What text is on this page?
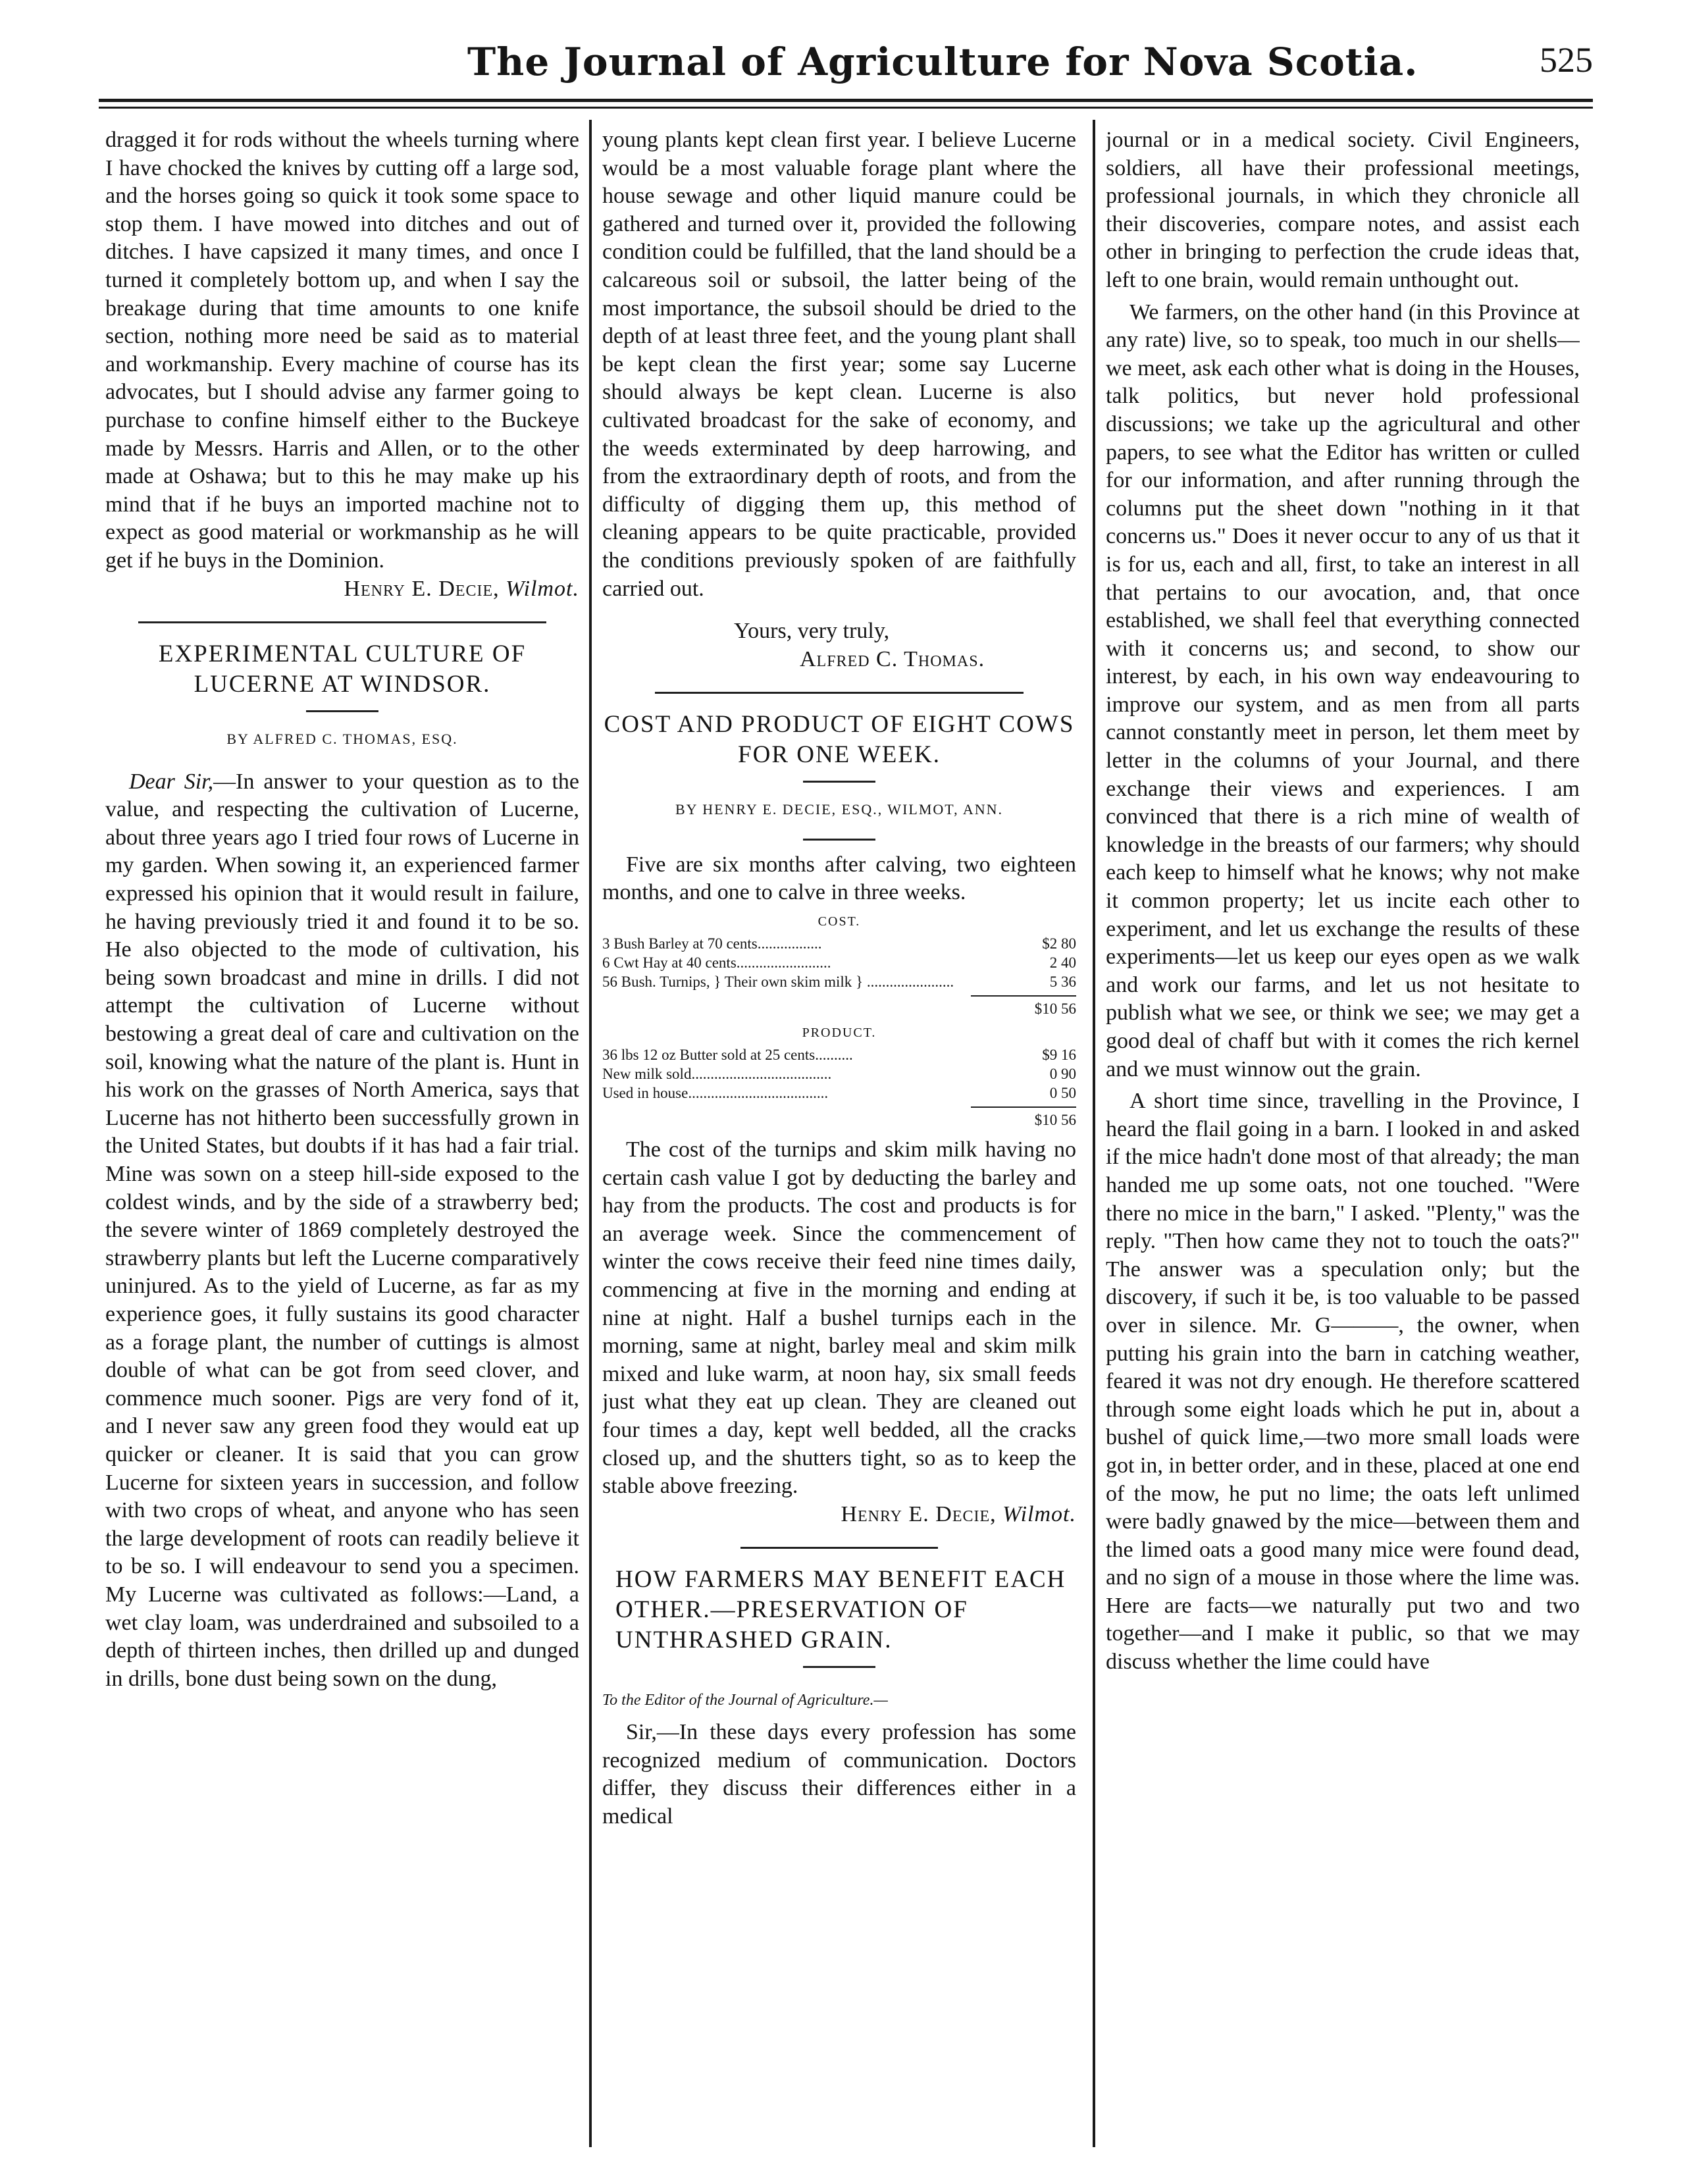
The Journal of Agriculture for Nova Scotia.	525

dragged it for rods without the wheels turning where I have chocked the knives by cutting off a large sod, and the horses going so quick it took some space to stop them. I have mowed into ditches and out of ditches. I have capsized it many times, and once I turned it completely bottom up, and when I say the breakage during that time amounts to one knife section, nothing more need be said as to material and workmanship. Every machine of course has its advocates, but I should advise any farmer going to purchase to confine himself either to the Buckeye made by Messrs. Harris and Allen, or to the other made at Oshawa; but to this he may make up his mind that if he buys an imported machine not to expect as good material or workmanship as he will get if he buys in the Dominion.

Henry E. Decie, Wilmot.

EXPERIMENTAL CULTURE OF LUCERNE AT WINDSOR.
BY ALFRED C. THOMAS, ESQ.

Dear Sir,—In answer to your question as to the value, and respecting the cultivation of Lucerne, about three years ago I tried four rows of Lucerne in my garden. When sowing it, an experienced farmer expressed his opinion that it would result in failure, he having previously tried it and found it to be so. He also objected to the mode of cultivation, his being sown broadcast and mine in drills. I did not attempt the cultivation of Lucerne without bestowing a great deal of care and cultivation on the soil, knowing what the nature of the plant is. Hunt in his work on the grasses of North America, says that Lucerne has not hitherto been successfully grown in the United States, but doubts if it has had a fair trial. Mine was sown on a steep hill-side exposed to the coldest winds, and by the side of a strawberry bed; the severe winter of 1869 completely destroyed the strawberry plants but left the Lucerne comparatively uninjured. As to the yield of Lucerne, as far as my experience goes, it fully sustains its good character as a forage plant, the number of cuttings is almost double of what can be got from seed clover, and commence much sooner. Pigs are very fond of it, and I never saw any green food they would eat up quicker or cleaner. It is said that you can grow Lucerne for sixteen years in succession, and follow with two crops of wheat, and anyone who has seen the large development of roots can readily believe it to be so. I will endeavour to send you a specimen. My Lucerne was cultivated as follows:—Land, a wet clay loam, was underdrained and subsoiled to a depth of thirteen inches, then drilled up and dunged in drills, bone dust being sown on the dung,

young plants kept clean first year. I believe Lucerne would be a most valuable forage plant where the house sewage and other liquid manure could be gathered and turned over it, provided the following condition could be fulfilled, that the land should be a calcareous soil or subsoil, the latter being of the most importance, the subsoil should be dried to the depth of at least three feet, and the young plant shall be kept clean the first year; some say Lucerne should always be kept clean. Lucerne is also cultivated broadcast for the sake of economy, and the weeds exterminated by deep harrowing, and from the extraordinary depth of roots, and from the difficulty of digging them up, this method of cleaning appears to be quite practicable, provided the conditions previously spoken of are faithfully carried out.

Yours, very truly,
Alfred C. Thomas.
COST AND PRODUCT OF EIGHT COWS FOR ONE WEEK.
BY HENRY E. DECIE, ESQ., WILMOT, ANN.

Five are six months after calving, two eighteen months, and one to calve in three weeks.

COST.
3 Bush Barley at 70 cents.................	$2 80
6 Cwt Hay at 40 cents.........................	2 40
56 Bush. Turnips, } Their own skim milk } .......................	5 36
$10 56
PRODUCT.
36 lbs 12 oz Butter sold at 25 cents..........	$9 16
New milk sold.....................................	0 90
Used in house.....................................	0 50
$10 56

The cost of the turnips and skim milk having no certain cash value I got by deducting the barley and hay from the products. The cost and products is for an average week. Since the commencement of winter the cows receive their feed nine times daily, commencing at five in the morning and ending at nine at night. Half a bushel turnips each in the morning, same at night, barley meal and skim milk mixed and luke warm, at noon hay, six small feeds just what they eat up clean. They are cleaned out four times a day, kept well bedded, all the cracks closed up, and the shutters tight, so as to keep the stable above freezing.

Henry E. Decie, Wilmot.

HOW FARMERS MAY BENEFIT EACH OTHER.—PRESERVATION OF UNTHRASHED GRAIN.
To the Editor of the Journal of Agriculture.—

Sir,—In these days every profession has some recognized medium of communication. Doctors differ, they discuss their differences either in a medical

journal or in a medical society. Civil Engineers, soldiers, all have their professional meetings, professional journals, in which they chronicle all their discoveries, compare notes, and assist each other in bringing to perfection the crude ideas that, left to one brain, would remain unthought out.

We farmers, on the other hand (in this Province at any rate) live, so to speak, too much in our shells—we meet, ask each other what is doing in the Houses, talk politics, but never hold professional discussions; we take up the agricultural and other papers, to see what the Editor has written or culled for our information, and after running through the columns put the sheet down "nothing in it that concerns us." Does it never occur to any of us that it is for us, each and all, first, to take an interest in all that pertains to our avocation, and, that once established, we shall feel that everything connected with it concerns us; and second, to show our interest, by each, in his own way endeavouring to improve our system, and as men from all parts cannot constantly meet in person, let them meet by letter in the columns of your Journal, and there exchange their views and experiences. I am convinced that there is a rich mine of wealth of knowledge in the breasts of our farmers; why should each keep to himself what he knows; why not make it common property; let us incite each other to experiment, and let us exchange the results of these experiments—let us keep our eyes open as we walk and work our farms, and let us not hesitate to publish what we see, or think we see; we may get a good deal of chaff but with it comes the rich kernel and we must winnow out the grain.

A short time since, travelling in the Province, I heard the flail going in a barn. I looked in and asked if the mice hadn't done most of that already; the man handed me up some oats, not one touched. "Were there no mice in the barn," I asked. "Plenty," was the reply. "Then how came they not to touch the oats?" The answer was a speculation only; but the discovery, if such it be, is too valuable to be passed over in silence. Mr. G———, the owner, when putting his grain into the barn in catching weather, feared it was not dry enough. He therefore scattered through some eight loads which he put in, about a bushel of quick lime,—two more small loads were got in, in better order, and in these, placed at one end of the mow, he put no lime; the oats left unlimed were badly gnawed by the mice—between them and the limed oats a good many mice were found dead, and no sign of a mouse in those where the lime was. Here are facts—we naturally put two and two together—and I make it public, so that we may discuss whether the lime could have
